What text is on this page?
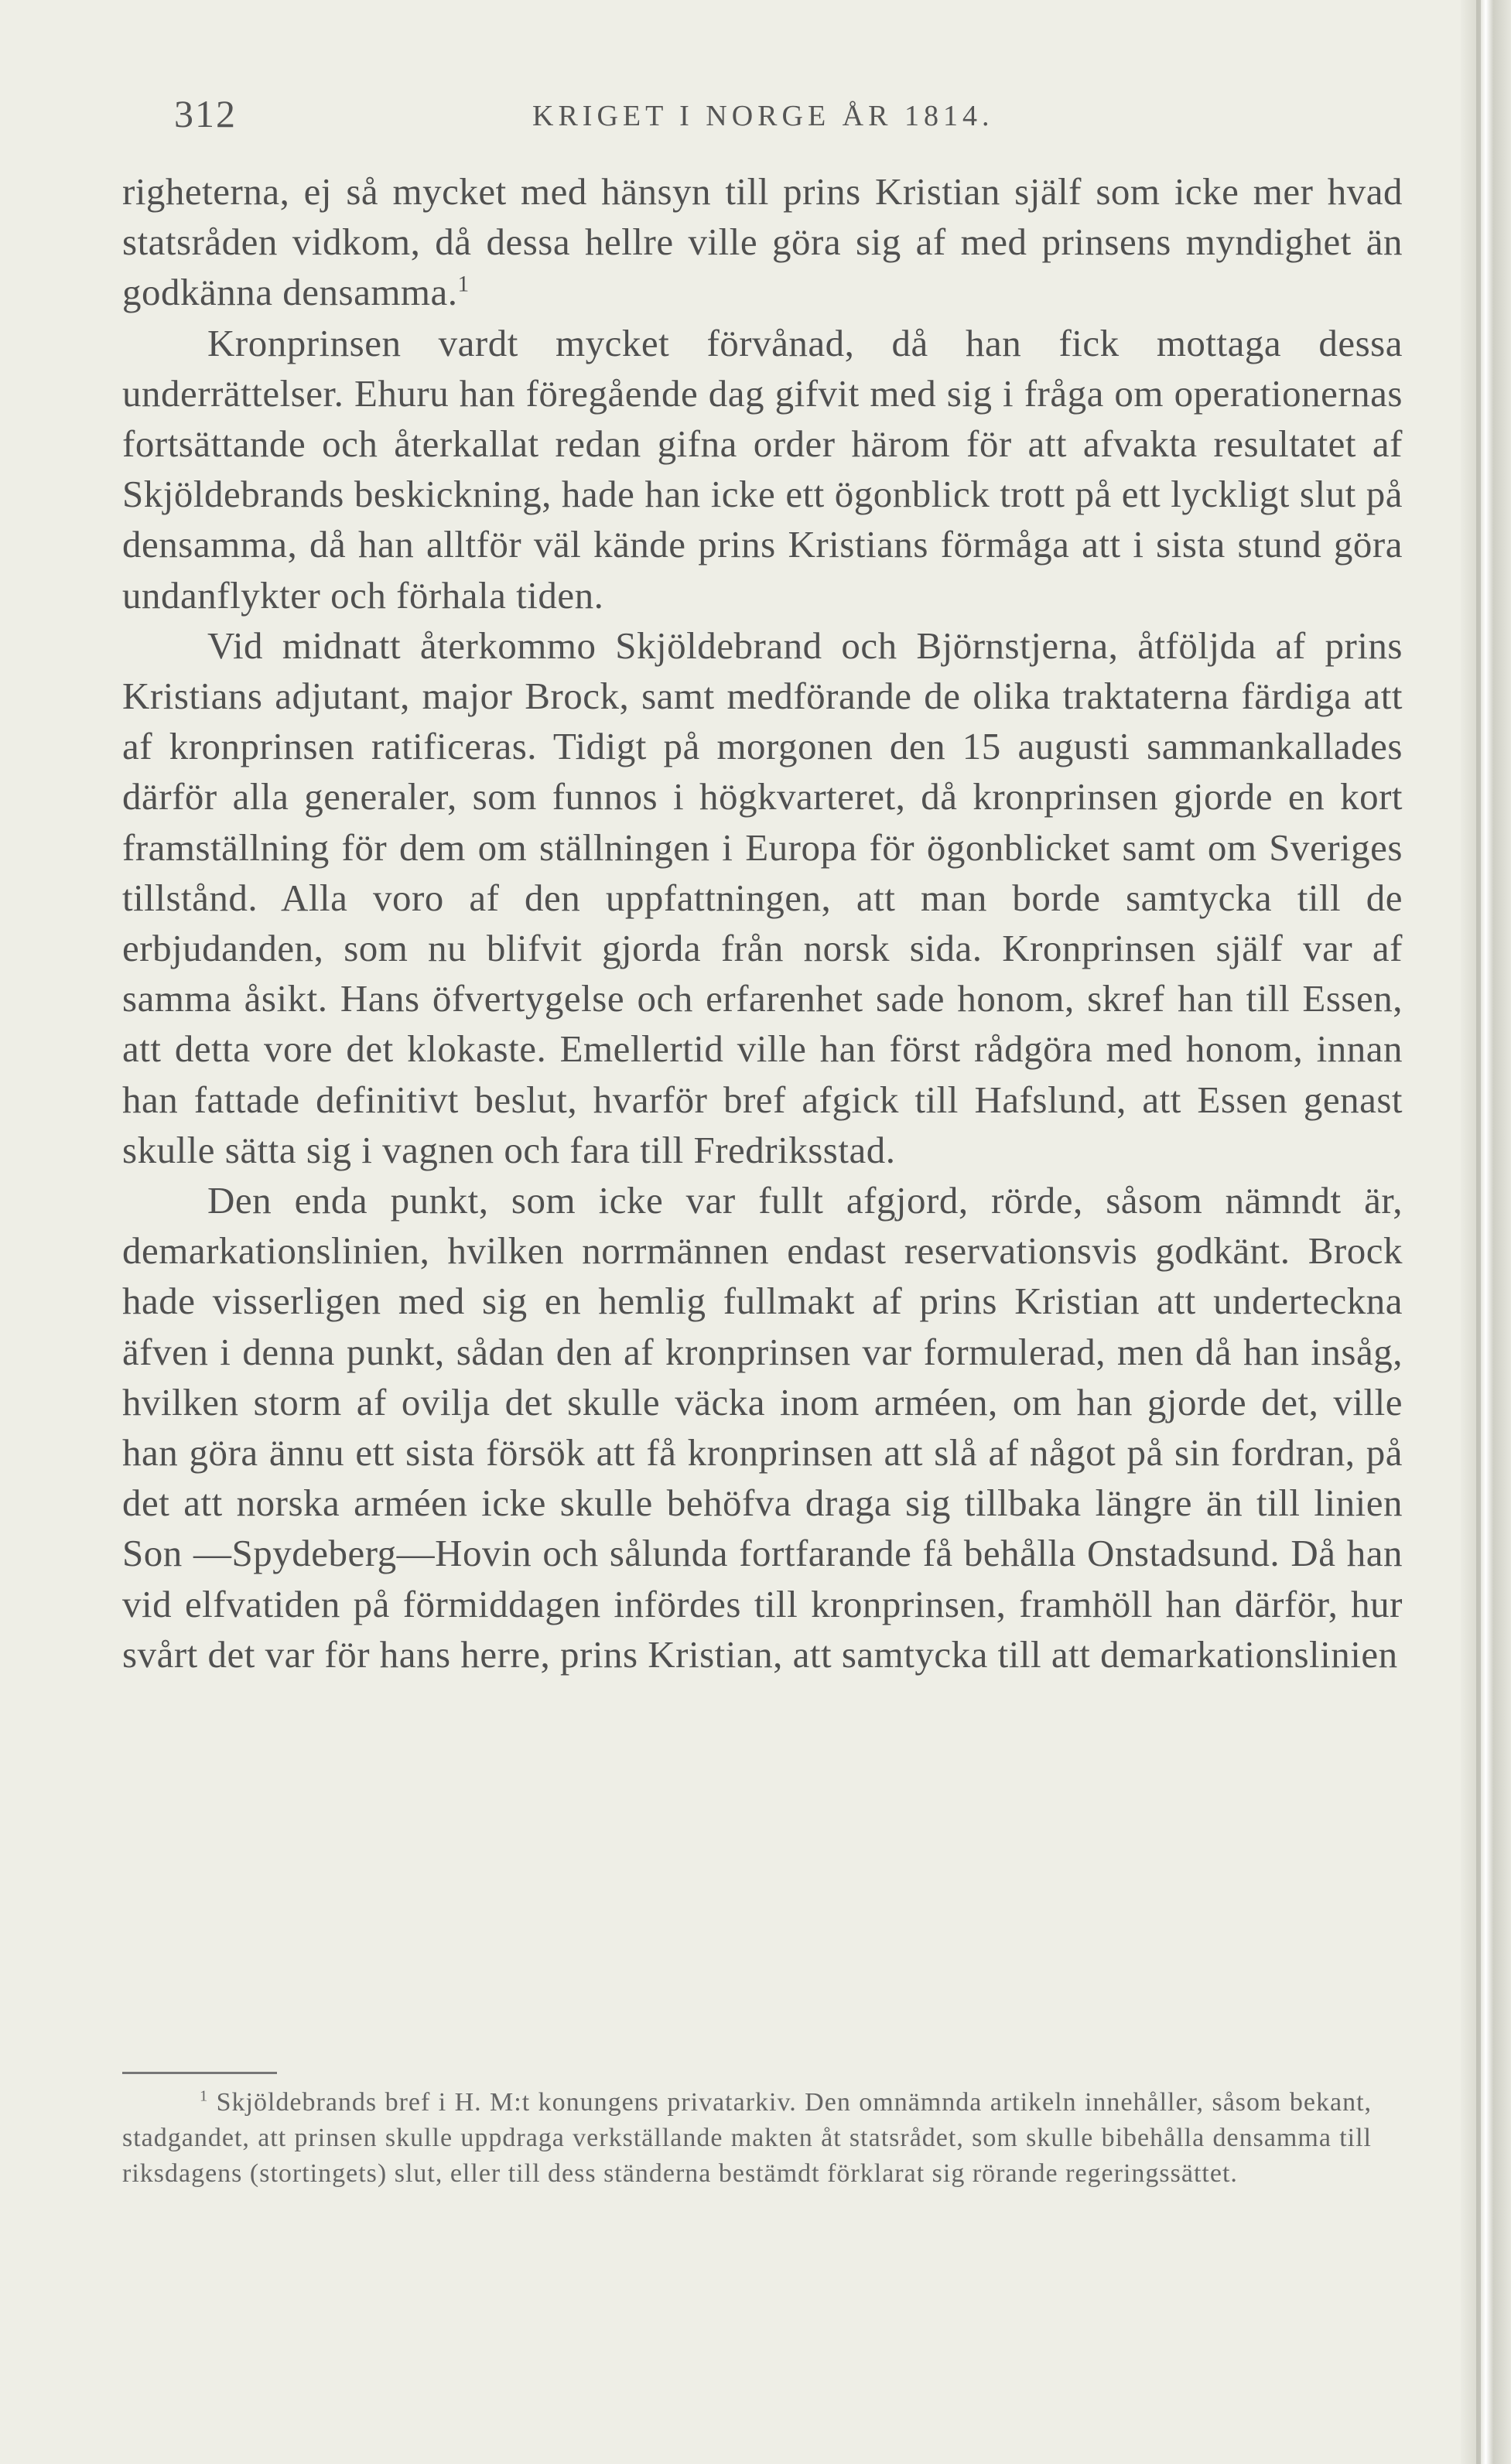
312	KRIGET I NORGE ÅR 1814.

righeterna, ej så mycket med hänsyn till prins Kristian själf som icke mer hvad statsråden vidkom, då dessa hellre ville göra sig af med prinsens myndighet än godkänna densamma.$^1$

Kronprinsen vardt mycket förvånad, då han fick mottaga dessa underrättelser. Ehuru han föregående dag gifvit med sig i fråga om operationernas fortsättande och återkallat redan gifna order härom för att afvakta resultatet af Skjöldebrands beskickning, hade han icke ett ögonblick trott på ett lyckligt slut på densamma, då han alltför väl kände prins Kristians förmåga att i sista stund göra undanflykter och förhala tiden.

Vid midnatt återkommo Skjöldebrand och Björnstjerna, åtföljda af prins Kristians adjutant, major Brock, samt medförande de olika traktaterna färdiga att af kronprinsen ratificeras. Tidigt på morgonen den 15 augusti sammankallades därför alla generaler, som funnos i högkvarteret, då kronprinsen gjorde en kort framställning för dem om ställningen i Europa för ögonblicket samt om Sveriges tillstånd. Alla voro af den uppfattningen, att man borde samtycka till de erbjudanden, som nu blifvit gjorda från norsk sida. Kronprinsen själf var af samma åsikt. Hans öfvertygelse och erfarenhet sade honom, skref han till Essen, att detta vore det klokaste. Emellertid ville han först rådgöra med honom, innan han fattade definitivt beslut, hvarför bref afgick till Hafslund, att Essen genast skulle sätta sig i vagnen och fara till Fredriksstad.

Den enda punkt, som icke var fullt afgjord, rörde, såsom nämndt är, demarkationslinien, hvilken norrmännen endast reservationsvis godkänt. Brock hade visserligen med sig en hemlig fullmakt af prins Kristian att underteckna äfven i denna punkt, sådan den af kronprinsen var formulerad, men då han insåg, hvilken storm af ovilja det skulle väcka inom arméen, om han gjorde det, ville han göra ännu ett sista försök att få kronprinsen att slå af något på sin fordran, på det att norska arméen icke skulle behöfva draga sig tillbaka längre än till linien Son —Spydeberg—Hovin och sålunda fortfarande få behålla Onstadsund. Då han vid elfvatiden på förmiddagen infördes till kronprinsen, framhöll han därför, hur svårt det var för hans herre, prins Kristian, att samtycka till att demarkationslinien

$^1$ Skjöldebrands bref i H. M:t konungens privatarkiv. Den omnämnda artikeln innehåller, såsom bekant, stadgandet, att prinsen skulle uppdraga verkställande makten åt statsrådet, som skulle bibehålla densamma till riksdagens (stortingets) slut, eller till dess ständerna bestämdt förklarat sig rörande regeringssättet.
